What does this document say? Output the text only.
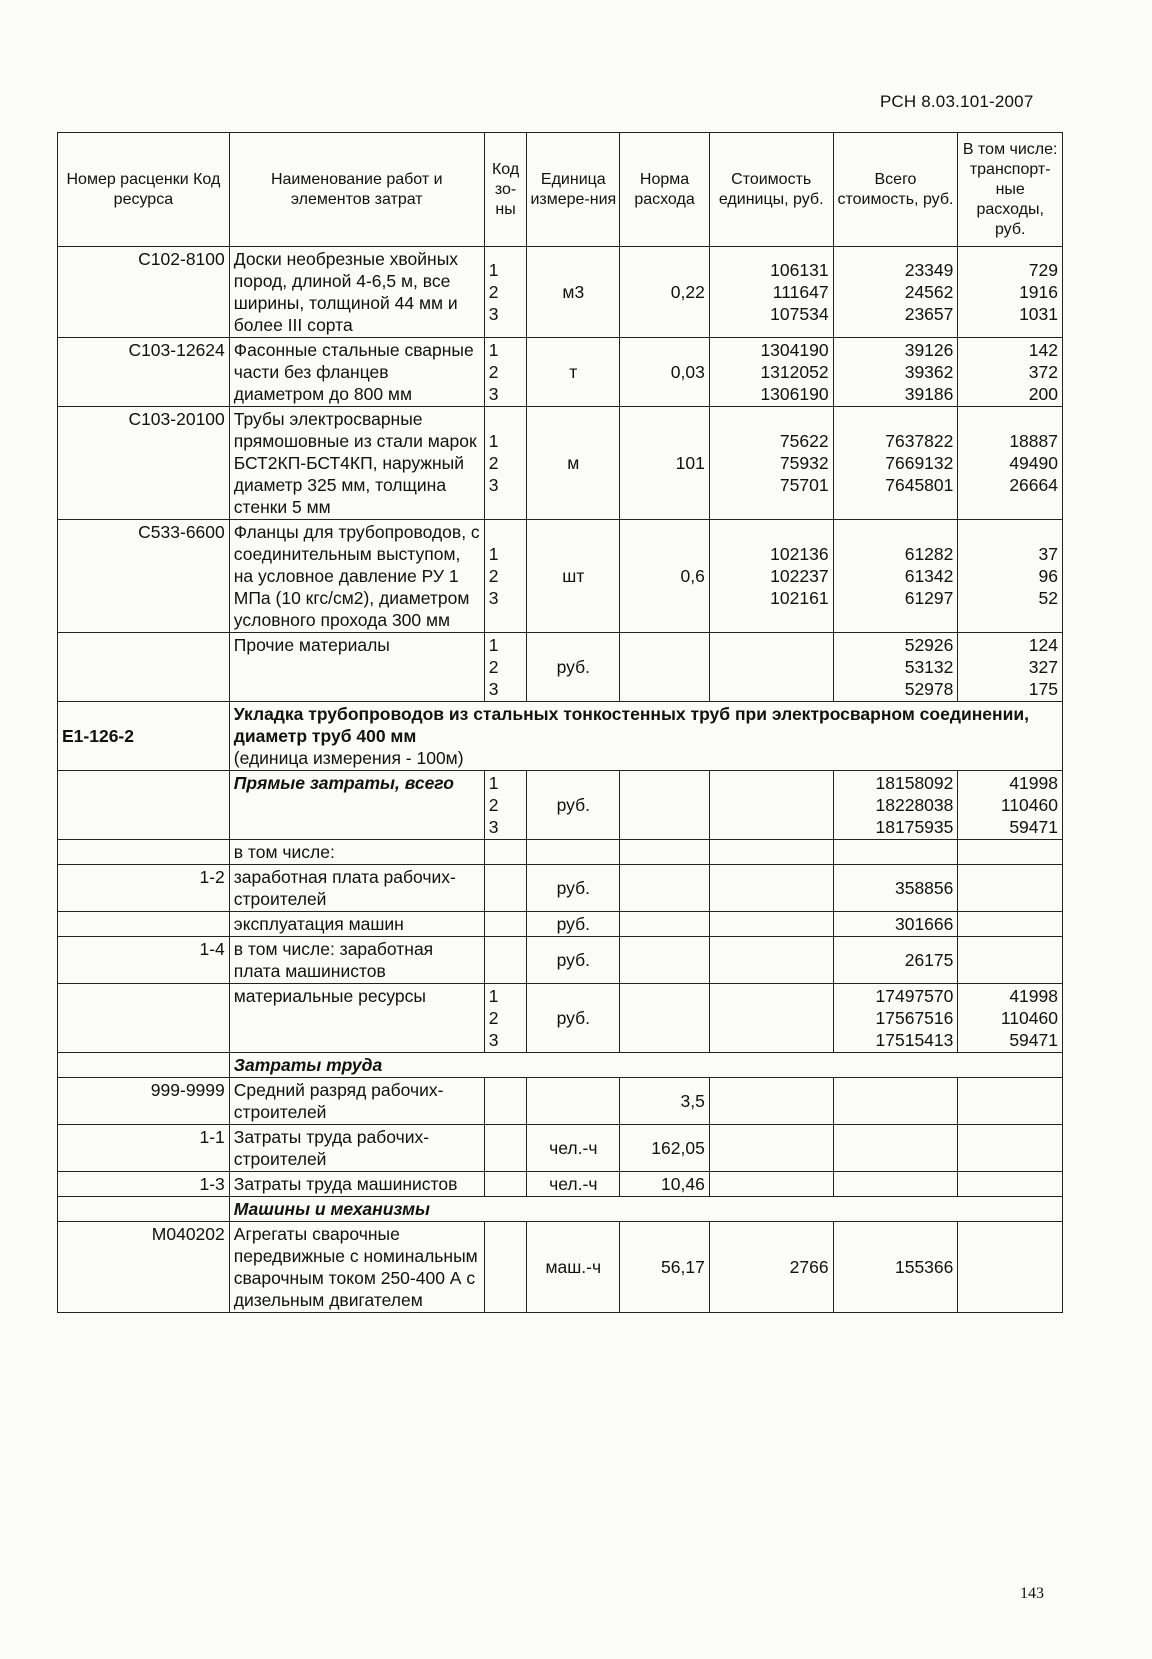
РСН 8.03.101-2007
Номер расценки Код ресурса	Наименование работ и элементов затрат	Код зо-ны	Единица измере-ния	Норма расхода	Стоимость единицы, руб.	Всего стоимость, руб.	В том числе: транспорт-ные расходы, руб.
С102-8100	Доски необрезные хвойных пород, длиной 4-6,5 м, все ширины, толщиной 44 мм и более III сорта	1
2
3	м3	0,22	106131
111647
107534	23349
24562
23657	729
1916
1031

С103-12624	Фасонные стальные сварные части без фланцев диаметром до 800 мм	1
2
3	т	0,03	1304190
1312052
1306190	39126
39362
39186	142
372
200

С103-20100	Трубы электросварные прямошовные из стали марок БСТ2КП-БСТ4КП, наружный диаметр 325 мм, толщина стенки 5 мм	1
2
3	м	101	75622
75932
75701	7637822
7669132
7645801	18887
49490
26664

С533-6600	Фланцы для трубопроводов, с соединительным выступом, на условное давление РУ 1 МПа (10 кгс/см2), диаметром условного прохода 300 мм	1
2
3	шт	0,6	102136
102237
102161	61282
61342
61297	37
96
52

	Прочие материалы	1
2
3	руб.			52926
53132
52978	124
327
175

Е1-126-2	Укладка трубопроводов из стальных тонкостенных труб при электросварном соединении, диаметр труб 400 мм
(единица измерения - 100м)						

	Прямые затраты, всего	1
2
3	руб.			18158092
18228038
18175935	41998
110460
59471

	в том числе:						
1-2	заработная плата рабочих-строителей		руб.			358856	
	эксплуатация машин		руб.			301666	
1-4	в том числе: заработная плата машинистов		руб.			26175	
	материальные ресурсы	1
2
3	руб.			17497570
17567516
17515413	41998
110460
59471

	Затраты труда						
999-9999	Средний разряд рабочих-строителей			3,5			
1-1	Затраты труда рабочих-строителей		чел.-ч	162,05			
1-3	Затраты труда машинистов		чел.-ч	10,46			
	Машины и механизмы						
М040202	Агрегаты сварочные передвижные с номинальным сварочным током 250-400 А с дизельным двигателем		маш.-ч	56,17	2766	155366	
143
